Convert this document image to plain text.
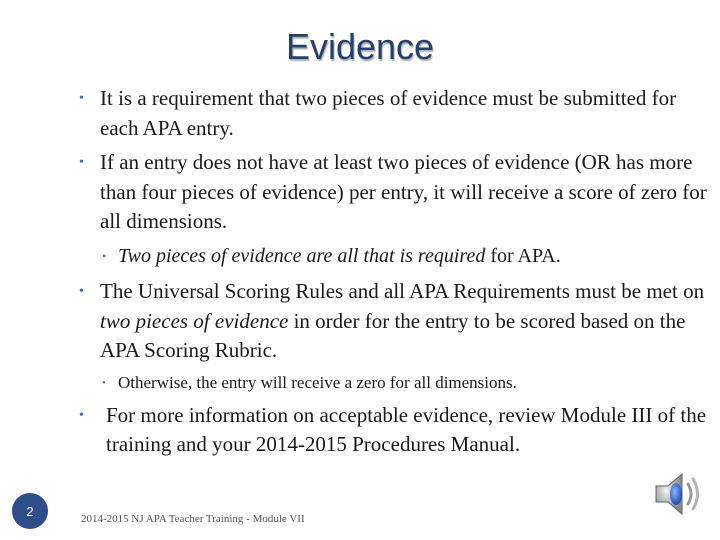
Evidence
• It is a requirement that two pieces of evidence must be submitted for each APA entry.
• If an entry does not have at least two pieces of evidence (OR has more than four pieces of evidence) per entry, it will receive a score of zero for all dimensions.
• Two pieces of evidence are all that is required for APA.
• The Universal Scoring Rules and all APA Requirements must be met on two pieces of evidence in order for the entry to be scored based on the APA Scoring Rubric.
• Otherwise, the entry will receive a zero for all dimensions.
• For more information on acceptable evidence, review Module III of the training and your 2014-2015 Procedures Manual.
2
2014-2015 NJ APA Teacher Training - Module VII
